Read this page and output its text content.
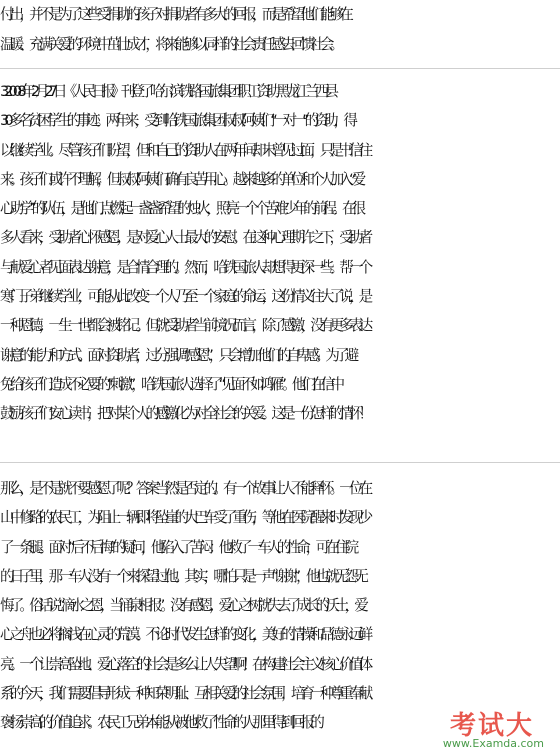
付出，并不是为了这些受捐助的孩子对捐助者有多大的回报，而是希望他们能够在
温暖、充满关爱的环境中茁壮成才，将来能够以同样的社会责任感去回馈社会。
3.2008 年 2 月 27 日《人民日报》刊登了哈尔滨铁路国旅集团职工资助黑龙江兰西县
30 多名贫困学生的事迹。两年来，受到哈铁国旅集团叔叔阿姨们“一对一”的资助，得
以继续学业。尽管孩子们盼望，但和自己的资助人在两年间却未曾见过面，只是书信往
来。孩子们或许不理解，但叔叔阿姨们确有良苦用心。越来越多的单位和个人加入“爱
心助学”的队伍，是他们点燃起一盏盏希望的烛火，照亮一个个苦难少年的前程。在很
多人看来，受助者心怀感恩，是对爱心人士最大的安慰。在这种心理期许之下，受助者
与献爱心者见面表达谢意，是合情合理的。然而，哈铁国旅人却想得更深一些。帮一个
寒门子弟继续学业，可能从此改变一个人乃至一个家庭的命运，这份情义往大了说，是
一种恩德，一生一世都会被铭记。但就受助者当前境况而言，除了感激，没有更多表达
谢意的能力和方式。面对资助者，过分强调“感恩”，只会增加他们的自卑感。为了避
免给孩子们造成不必要的“刺激”，哈铁国旅人选择了“见面不如鸿雁”。他们在信中
鼓励孩子们安心读书，把对某个人的感激化为对全社会的关爱。这是一份怎样的情怀！
那么，是不是就不要感恩了呢？答案当然是否定的。有一个故事让人不能释怀。一位在
山中修路的农民工，为阻止一辆即将坠崖的大巴车受了重伤，等他在医院醒来时发现少
了一条腿。面对“后不后悔”的疑问，他陷入了苦闷：他救了一车人的性命，可在住院
的日子里，那一车人没有一个来探望过他。其实，哪怕只是一声“谢谢”，他也就无怨无
悔了。俗话说“滴水之恩，当涌泉相报”。没有感恩，爱心之树就失去了成长的沃土，爱
心之舟也必将搁浅在心灵的荒漠。不论时代发生怎样的变化，美好的情操和品德永远鲜
亮。一个让崇高坠地、爱心落空的社会是多么让人失望啊！在构建社会主义核心价值体
系的今天，我们需要倡导形成一种知荣明耻、互相关爱的社会氛围，培育一种尊重奉献、
褒扬崇高的价值追求。农民工兄弟本能从被他救了性命的人那里得到回报的	考试大
www.Examda.com
